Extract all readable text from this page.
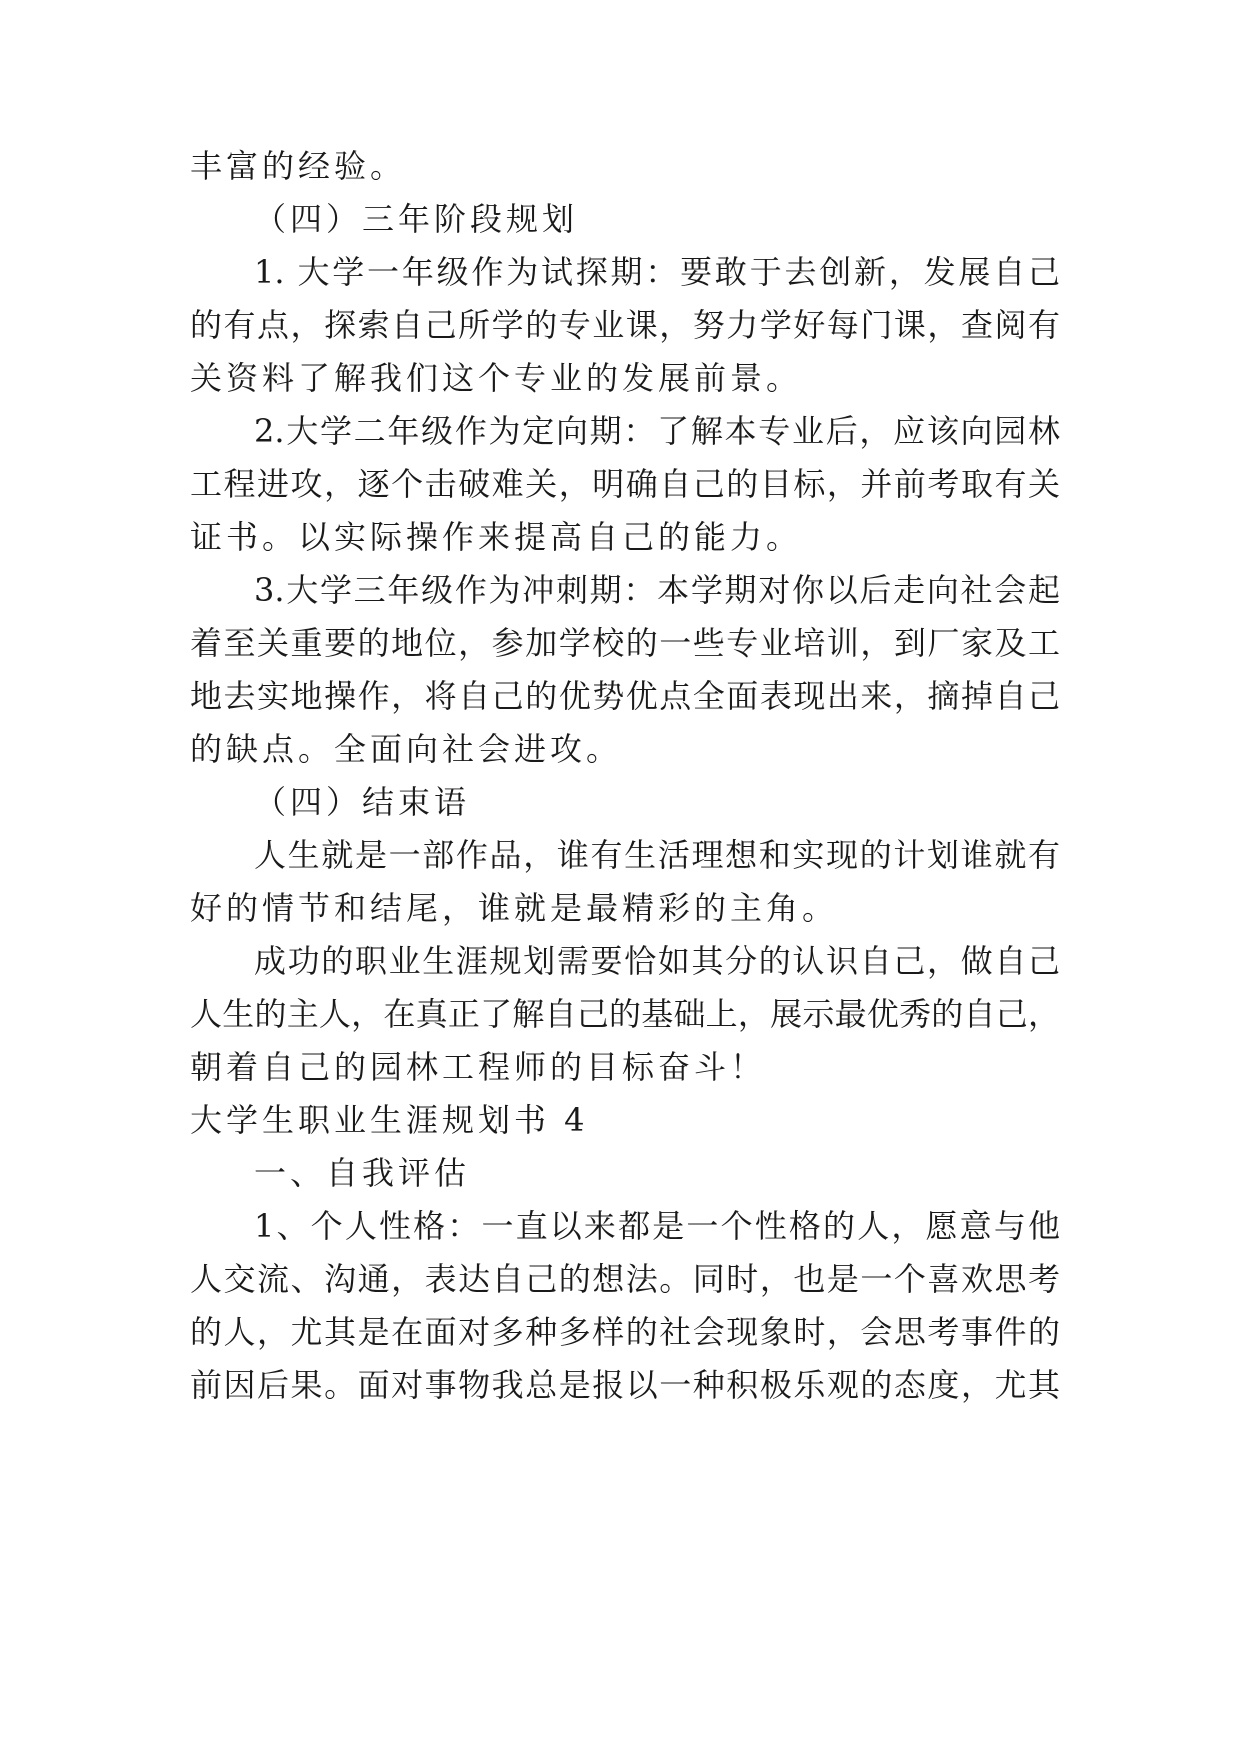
丰富的经验。
（四）三年阶段规划
1. 大学一年级作为试探期：要敢于去创新，发展自己
的有点，探索自己所学的专业课，努力学好每门课，查阅有
关资料了解我们这个专业的发展前景。
2.大学二年级作为定向期：了解本专业后，应该向园林
工程进攻，逐个击破难关，明确自己的目标，并前考取有关
证书。以实际操作来提高自己的能力。
3.大学三年级作为冲刺期：本学期对你以后走向社会起
着至关重要的地位，参加学校的一些专业培训，到厂家及工
地去实地操作，将自己的优势优点全面表现出来，摘掉自己
的缺点。全面向社会进攻。
（四）结束语
人生就是一部作品，谁有生活理想和实现的计划谁就有
好的情节和结尾，谁就是最精彩的主角。
成功的职业生涯规划需要恰如其分的认识自己，做自己
人生的主人，在真正了解自己的基础上，展示最优秀的自己，
朝着自己的园林工程师的目标奋斗！
大学生职业生涯规划书 4
一、自我评估
1、个人性格：一直以来都是一个性格的人，愿意与他
人交流、沟通，表达自己的想法。同时，也是一个喜欢思考
的人，尤其是在面对多种多样的社会现象时，会思考事件的
前因后果。面对事物我总是报以一种积极乐观的态度，尤其
